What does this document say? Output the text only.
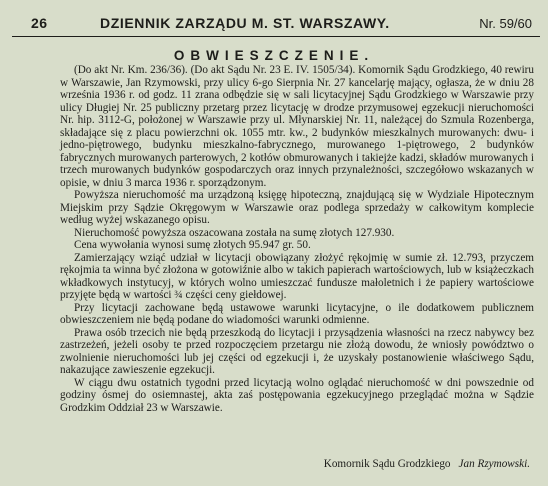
26	DZIENNIK ZARZĄDU M. ST. WARSZAWY.	Nr. 59/60
OBWIESZCZENIE.

(Do akt Nr. Km. 236/36). (Do akt Sądu Nr. 23 E. IV. 1505/34). Komornik Sądu Grodzkiego, 40 rewiru w Warszawie, Jan Rzymowski, przy ulicy 6-go Sierpnia Nr. 27 kancelarję mający, ogłasza, że w dniu 28 września 1936 r. od godz. 11 zrana odbędzie się w sali licytacyjnej Sądu Grodzkiego w Warszawie przy ulicy Długiej Nr. 25 publiczny przetarg przez licytację w drodze przymusowej egzekucji nieruchomości Nr. hip. 3112-G, położonej w Warszawie przy ul. Młynarskiej Nr. 11, należącej do Szmula Rozenberga, składające się z placu powierzchni ok. 1055 mtr. kw., 2 budynków mieszkalnych murowanych: dwu- i jedno-piętrowego, budynku mieszkalno-fabrycznego, murowanego 1-piętrowego, 2 budynków fabrycznych murowanych parterowych, 2 kotłów obmurowanych i takiejże kadzi, składów murowanych i trzech murowanych budynków gospodarczych oraz innych przynależności, szczegółowo wskazanych w opisie, w dniu 3 marca 1936 r. sporządzonym.

Powyższa nieruchomość ma urządzoną księgę hipoteczną, znajdującą się w Wydziale Hipotecznym Miejskim przy Sądzie Okręgowym w Warszawie oraz podlega sprzedaży w całkowitym komplecie według wyżej wskazanego opisu.

Nieruchomość powyższa oszacowana została na sumę złotych 127.930.

Cena wywołania wynosi sumę złotych 95.947 gr. 50.

Zamierzający wziąć udział w licytacji obowiązany złożyć rękojmię w sumie zł. 12.793, przyczem rękojmia ta winna być złożona w gotowiźnie albo w takich papierach wartościowych, lub w książeczkach wkładkowych instytucyj, w których wolno umieszczać fundusze małoletnich i że papiery wartościowe przyjęte będą w wartości ¾ części ceny giełdowej.

Przy licytacji zachowane będą ustawowe warunki licytacyjne, o ile dodatkowem publicznem obwieszczeniem nie będą podane do wiadomości warunki odmienne.

Prawa osób trzecich nie będą przeszkodą do licytacji i przysądzenia własności na rzecz nabywcy bez zastrzeżeń, jeżeli osoby te przed rozpoczęciem przetargu nie złożą dowodu, że wniosły powództwo o zwolnienie nieruchomości lub jej części od egzekucji i, że uzyskały postanowienie właściwego Sądu, nakazujące zawieszenie egzekucji.

W ciągu dwu ostatnich tygodni przed licytacją wolno oglądać nieruchomość w dni powszednie od godziny ósmej do osiemnastej, akta zaś postępowania egzekucyjnego przeglądać można w Sądzie Grodzkim Oddział 23 w Warszawie.

Komornik Sądu Grodzkiego Jan Rzymowski.
